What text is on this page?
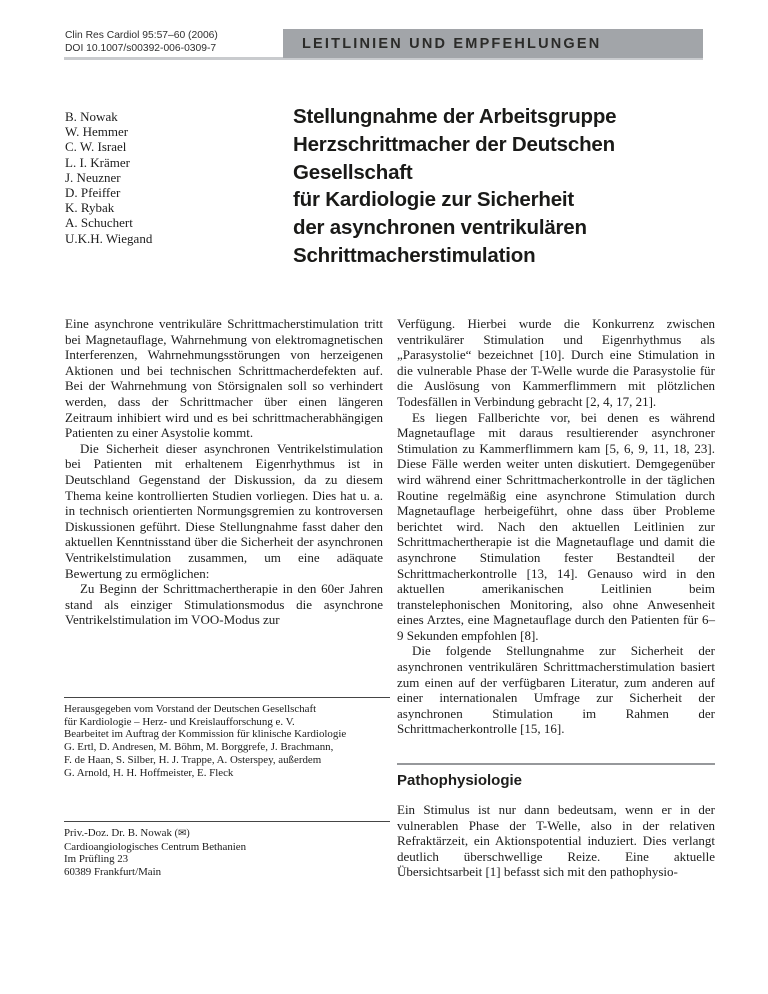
Clin Res Cardiol 95:57–60 (2006)
DOI 10.1007/s00392-006-0309-7	LEITLINIEN UND EMPFEHLUNGEN
B. Nowak
W. Hemmer
C. W. Israel
L. I. Krämer
J. Neuzner
D. Pfeiffer
K. Rybak
A. Schuchert
U.K.H. Wiegand
Stellungnahme der Arbeitsgruppe
Herzschrittmacher der Deutschen Gesellschaft
für Kardiologie zur Sicherheit
der asynchronen ventrikulären
Schrittmacherstimulation

Eine asynchrone ventrikuläre Schrittmacherstimulation tritt bei Magnetauflage, Wahrnehmung von elektromagnetischen Interferenzen, Wahrnehmungsstörungen von herzeigenen Aktionen und bei technischen Schrittmacherdefekten auf. Bei der Wahrnehmung von Störsignalen soll so verhindert werden, dass der Schrittmacher über einen längeren Zeitraum inhibiert wird und es bei schrittmacherabhängigen Patienten zu einer Asystolie kommt.

Die Sicherheit dieser asynchronen Ventrikelstimulation bei Patienten mit erhaltenem Eigenrhythmus ist in Deutschland Gegenstand der Diskussion, da zu diesem Thema keine kontrollierten Studien vorliegen. Dies hat u. a. in technisch orientierten Normungsgremien zu kontroversen Diskussionen geführt. Diese Stellungnahme fasst daher den aktuellen Kenntnisstand über die Sicherheit der asynchronen Ventrikelstimulation zusammen, um eine adäquate Bewertung zu ermöglichen:

Zu Beginn der Schrittmachertherapie in den 60er Jahren stand als einziger Stimulationsmodus die asynchrone Ventrikelstimulation im VOO-Modus zur

Verfügung. Hierbei wurde die Konkurrenz zwischen ventrikulärer Stimulation und Eigenrhythmus als „Parasystolie“ bezeichnet [10]. Durch eine Stimulation in die vulnerable Phase der T-Welle wurde die Parasystolie für die Auslösung von Kammerflimmern mit plötzlichen Todesfällen in Verbindung gebracht [2, 4, 17, 21].

Es liegen Fallberichte vor, bei denen es während Magnetauflage mit daraus resultierender asynchroner Stimulation zu Kammerflimmern kam [5, 6, 9, 11, 18, 23]. Diese Fälle werden weiter unten diskutiert. Demgegenüber wird während einer Schrittmacherkontrolle in der täglichen Routine regelmäßig eine asynchrone Stimulation durch Magnetauflage herbeigeführt, ohne dass über Probleme berichtet wird. Nach den aktuellen Leitlinien zur Schrittmachertherapie ist die Magnetauflage und damit die asynchrone Stimulation fester Bestandteil der Schrittmacherkontrolle [13, 14]. Genauso wird in den aktuellen amerikanischen Leitlinien beim transtelephonischen Monitoring, also ohne Anwesenheit eines Arztes, eine Magnetauflage durch den Patienten für 6–9 Sekunden empfohlen [8].

Die folgende Stellungnahme zur Sicherheit der asynchronen ventrikulären Schrittmacherstimulation basiert zum einen auf der verfügbaren Literatur, zum anderen auf einer internationalen Umfrage zur Sicherheit der asynchronen Stimulation im Rahmen der Schrittmacherkontrolle [15, 16].

Pathophysiologie

Ein Stimulus ist nur dann bedeutsam, wenn er in der vulnerablen Phase der T-Welle, also in der relativen Refraktärzeit, ein Aktionspotential induziert. Dies verlangt deutlich überschwellige Reize. Eine aktuelle Übersichtsarbeit [1] befasst sich mit den pathophysio-

Herausgegeben vom Vorstand der Deutschen Gesellschaft
für Kardiologie – Herz- und Kreislaufforschung e. V.
Bearbeitet im Auftrag der Kommission für klinische Kardiologie
G. Ertl, D. Andresen, M. Böhm, M. Borggrefe, J. Brachmann,
F. de Haan, S. Silber, H. J. Trappe, A. Osterspey, außerdem
G. Arnold, H. H. Hoffmeister, E. Fleck
Priv.-Doz. Dr. B. Nowak (✉)
Cardioangiologisches Centrum Bethanien
Im Prüfling 23
60389 Frankfurt/Main
